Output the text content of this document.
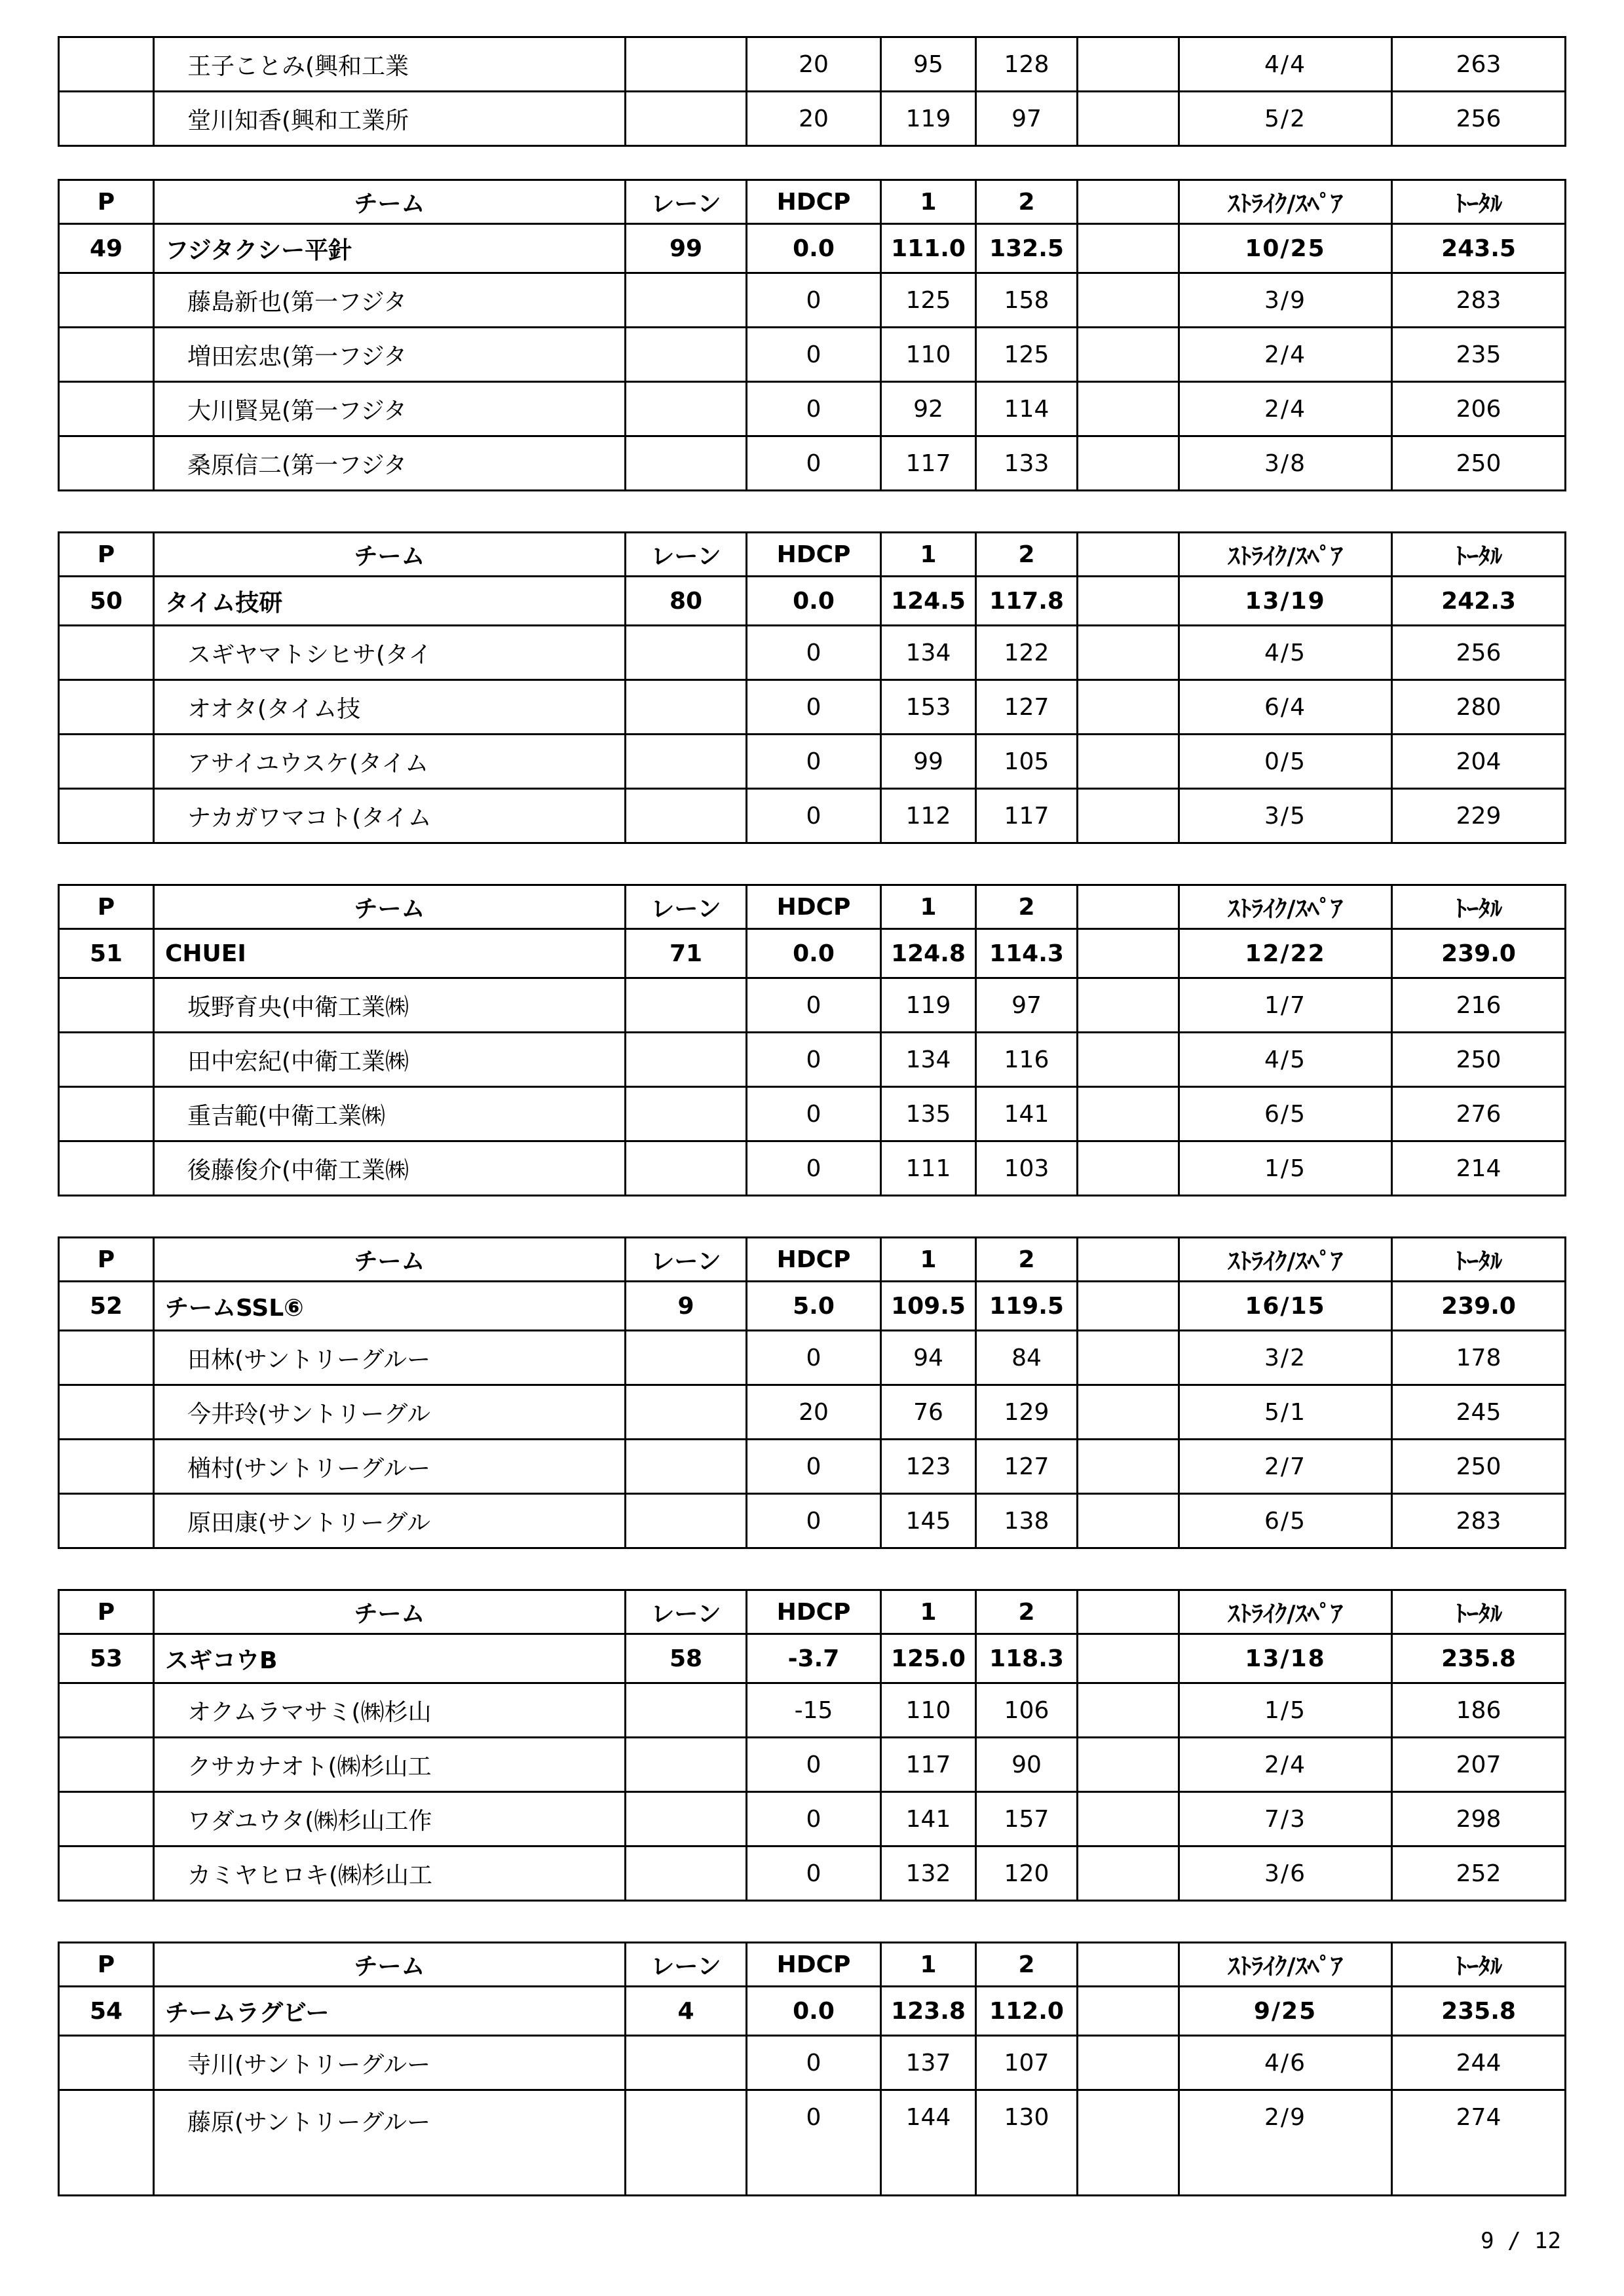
	王子ことみ(興和工業		20	95	128		4/4	263
	堂川知香(興和工業所		20	119	97		5/2	256
P	チーム	レーン	HDCP	1	2		ｽﾄﾗｲｸ/ｽﾍﾟｱ	ﾄｰﾀﾙ
49	フジタクシー平針	99	0.0	111.0	132.5		10/25	243.5
	藤島新也(第一フジタ		0	125	158		3/9	283
	増田宏忠(第一フジタ		0	110	125		2/4	235
	大川賢晃(第一フジタ		0	92	114		2/4	206
	桑原信二(第一フジタ		0	117	133		3/8	250
P	チーム	レーン	HDCP	1	2		ｽﾄﾗｲｸ/ｽﾍﾟｱ	ﾄｰﾀﾙ
50	タイム技研	80	0.0	124.5	117.8		13/19	242.3
	スギヤマトシヒサ(タイ		0	134	122		4/5	256
	オオタ(タイム技		0	153	127		6/4	280
	アサイユウスケ(タイム		0	99	105		0/5	204
	ナカガワマコト(タイム		0	112	117		3/5	229
P	チーム	レーン	HDCP	1	2		ｽﾄﾗｲｸ/ｽﾍﾟｱ	ﾄｰﾀﾙ
51	CHUEI	71	0.0	124.8	114.3		12/22	239.0
	坂野育央(中衛工業㈱		0	119	97		1/7	216
	田中宏紀(中衛工業㈱		0	134	116		4/5	250
	重吉範(中衛工業㈱		0	135	141		6/5	276
	後藤俊介(中衛工業㈱		0	111	103		1/5	214
P	チーム	レーン	HDCP	1	2		ｽﾄﾗｲｸ/ｽﾍﾟｱ	ﾄｰﾀﾙ
52	チームSSL⑥	9	5.0	109.5	119.5		16/15	239.0
	田林(サントリーグルー		0	94	84		3/2	178
	今井玲(サントリーグル		20	76	129		5/1	245
	楢村(サントリーグルー		0	123	127		2/7	250
	原田康(サントリーグル		0	145	138		6/5	283
P	チーム	レーン	HDCP	1	2		ｽﾄﾗｲｸ/ｽﾍﾟｱ	ﾄｰﾀﾙ
53	スギコウB	58	-3.7	125.0	118.3		13/18	235.8
	オクムラマサミ(㈱杉山		-15	110	106		1/5	186
	クサカナオト(㈱杉山工		0	117	90		2/4	207
	ワダユウタ(㈱杉山工作		0	141	157		7/3	298
	カミヤヒロキ(㈱杉山工		0	132	120		3/6	252
P	チーム	レーン	HDCP	1	2		ｽﾄﾗｲｸ/ｽﾍﾟｱ	ﾄｰﾀﾙ
54	チームラグビー	4	0.0	123.8	112.0		9/25	235.8
	寺川(サントリーグルー		0	137	107		4/6	244
	藤原(サントリーグルー		0	144	130		2/9	274
9 / 12
